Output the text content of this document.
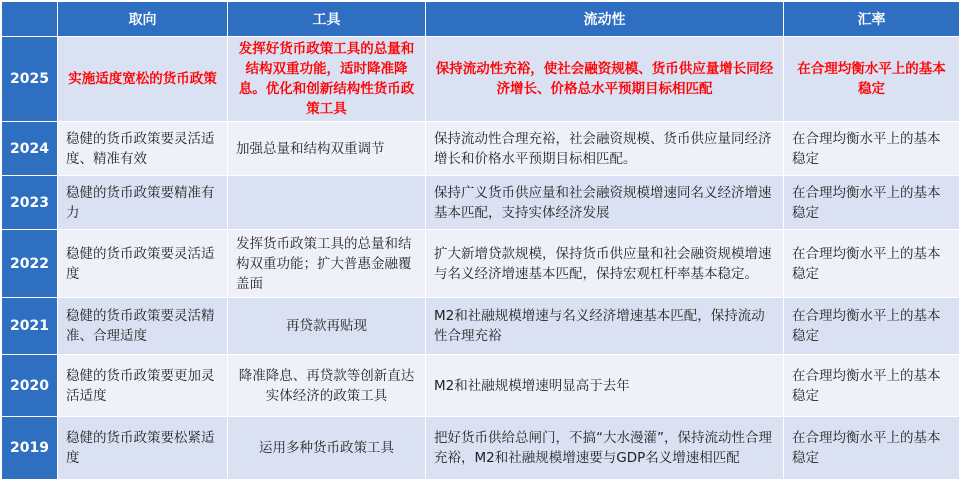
	取向	工具	流动性	汇率
2025	实施适度宽松的货币政策	发挥好货币政策工具的总量和结构双重功能，适时降准降息。优化和创新结构性货币政策工具	保持流动性充裕，使社会融资规模、货币供应量增长同经济增长、价格总水平预期目标相匹配	在合理均衡水平上的基本稳定
2024	稳健的货币政策要灵活适度、精准有效	加强总量和结构双重调节	保持流动性合理充裕，社会融资规模、货币供应量同经济增长和价格水平预期目标相匹配。	在合理均衡水平上的基本稳定
2023	稳健的货币政策要精准有力		保持广义货币供应量和社会融资规模增速同名义经济增速基本匹配，支持实体经济发展	在合理均衡水平上的基本稳定
2022	稳健的货币政策要灵活适度	发挥货币政策工具的总量和结构双重功能；扩大普惠金融覆盖面	扩大新增贷款规模，保持货币供应量和社会融资规模增速与名义经济增速基本匹配，保持宏观杠杆率基本稳定。	在合理均衡水平上的基本稳定
2021	稳健的货币政策要灵活精准、合理适度	再贷款再贴现	M2和社融规模增速与名义经济增速基本匹配，保持流动性合理充裕	在合理均衡水平上的基本稳定
2020	稳健的货币政策要更加灵活适度	降准降息、再贷款等创新直达实体经济的政策工具	M2和社融规模增速明显高于去年	在合理均衡水平上的基本稳定
2019	稳健的货币政策要松紧适度	运用多种货币政策工具	把好货币供给总闸门，不搞“大水漫灌”，保持流动性合理充裕，M2和社融规模增速要与GDP名义增速相匹配	在合理均衡水平上的基本稳定
